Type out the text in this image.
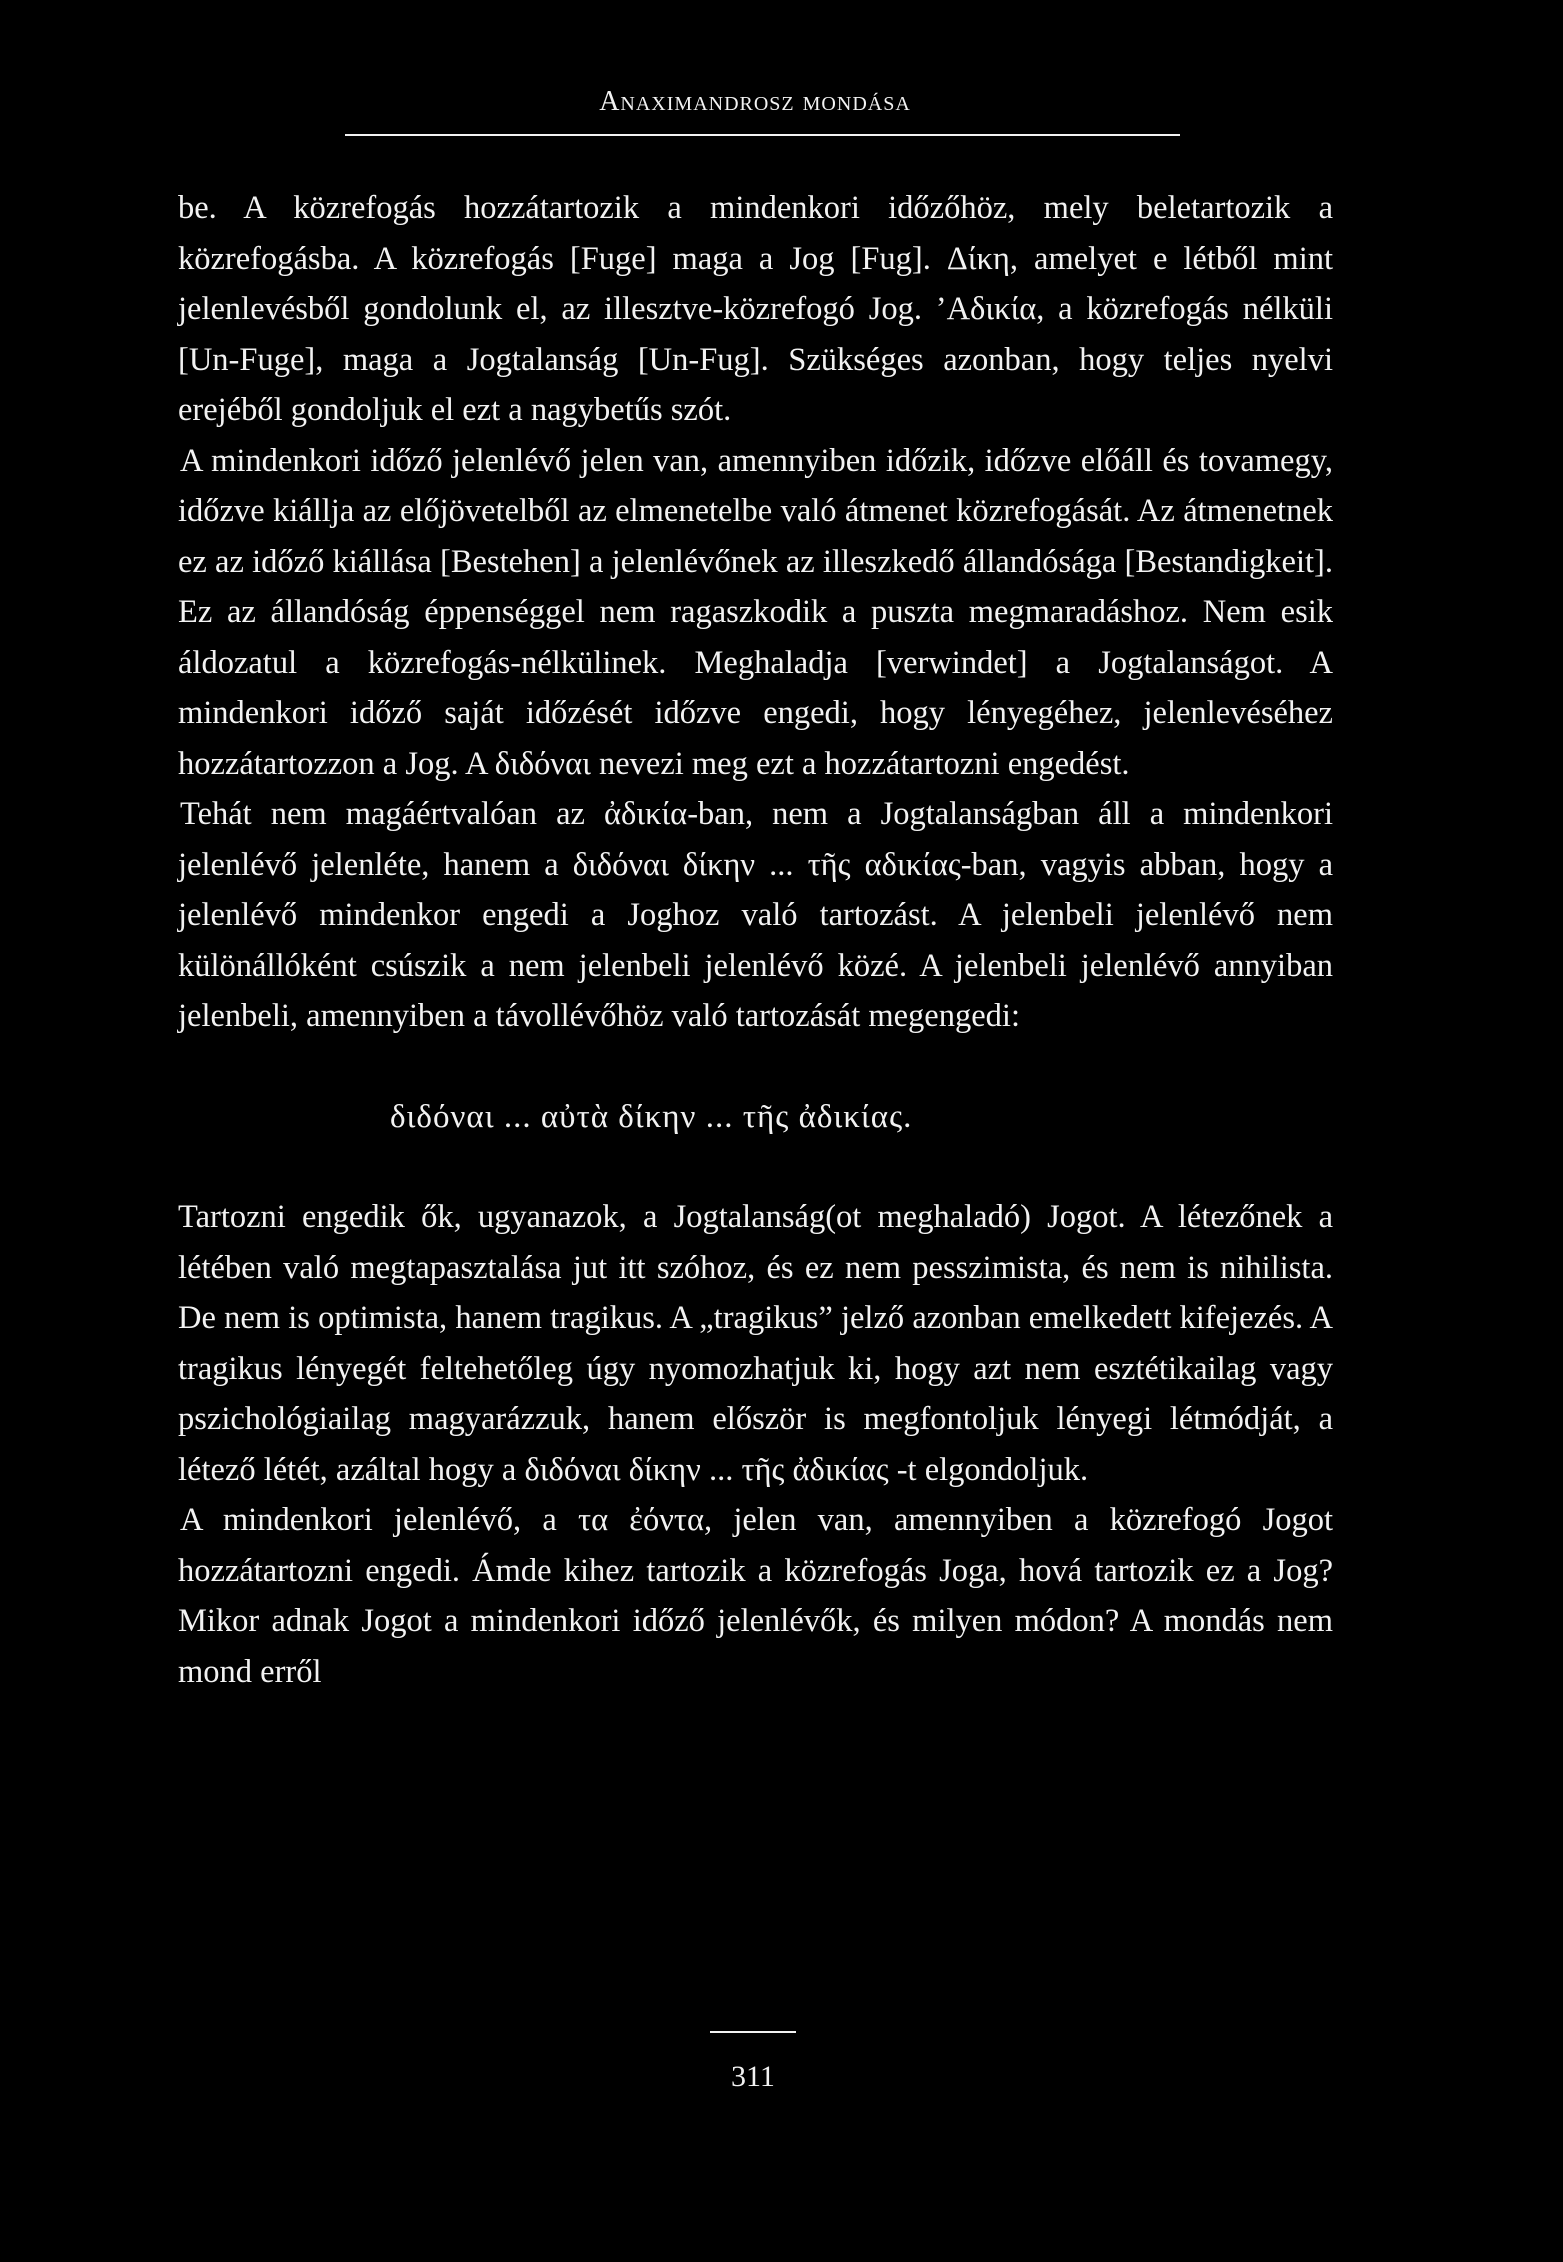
Anaximandrosz mondása

be. A közrefogás hozzátartozik a mindenkori időzőhöz, mely beletartozik a közrefogásba. A közrefogás [Fuge] maga a Jog [Fug]. Δίκη, amelyet e létből mint jelenlevésből gondolunk el, az illesztve-közrefogó Jog. ’Αδικία, a közrefogás nélküli [Un-Fuge], maga a Jogtalanság [Un-Fug]. Szükséges azonban, hogy teljes nyelvi erejéből gondoljuk el ezt a nagybetűs szót.

A mindenkori időző jelenlévő jelen van, amennyiben időzik, időzve előáll és tovamegy, időzve kiállja az előjövetelből az elmenetelbe való átmenet közrefogását. Az átmenetnek ez az időző kiállása [Bestehen] a jelenlévőnek az illeszkedő állandósága [Bestandigkeit]. Ez az állandóság éppenséggel nem ragaszkodik a puszta megmaradáshoz. Nem esik áldozatul a közrefogás-nélkülinek. Meghaladja [verwindet] a Jogtalanságot. A mindenkori időző saját időzését időzve engedi, hogy lényegéhez, jelenlevéséhez hozzátartozzon a Jog. A διδόναι nevezi meg ezt a hozzátartozni engedést.

Tehát nem magáértvalóan az ἀδικία-ban, nem a Jogtalanságban áll a mindenkori jelenlévő jelenléte, hanem a διδόναι δίκην ... τῆς αδικίας-ban, vagyis abban, hogy a jelenlévő mindenkor engedi a Joghoz való tartozást. A jelenbeli jelenlévő nem különállóként csúszik a nem jelenbeli jelenlévő közé. A jelenbeli jelenlévő annyiban jelenbeli, amennyiben a távollévőhöz való tartozását megengedi:

διδόναι ... αὐτὰ δίκην ... τῆς ἀδικίας.

Tartozni engedik ők, ugyanazok, a Jogtalanság(ot meghaladó) Jogot. A létezőnek a létében való megtapasztalása jut itt szóhoz, és ez nem pesszimista, és nem is nihilista. De nem is optimista, hanem tragikus. A „tragikus” jelző azonban emelkedett kifejezés. A tragikus lényegét feltehetőleg úgy nyomozhatjuk ki, hogy azt nem esztétikailag vagy pszichológiailag magyarázzuk, hanem először is megfontoljuk lényegi létmódját, a létező létét, azáltal hogy a διδόναι δίκην ... τῆς ἀδικίας -t elgondoljuk.

A mindenkori jelenlévő, a τα ἐόντα, jelen van, amennyiben a közrefogó Jogot hozzátartozni engedi. Ámde kihez tartozik a közrefogás Joga, hová tartozik ez a Jog? Mikor adnak Jogot a mindenkori időző jelenlévők, és milyen módon? A mondás nem mond erről

311
